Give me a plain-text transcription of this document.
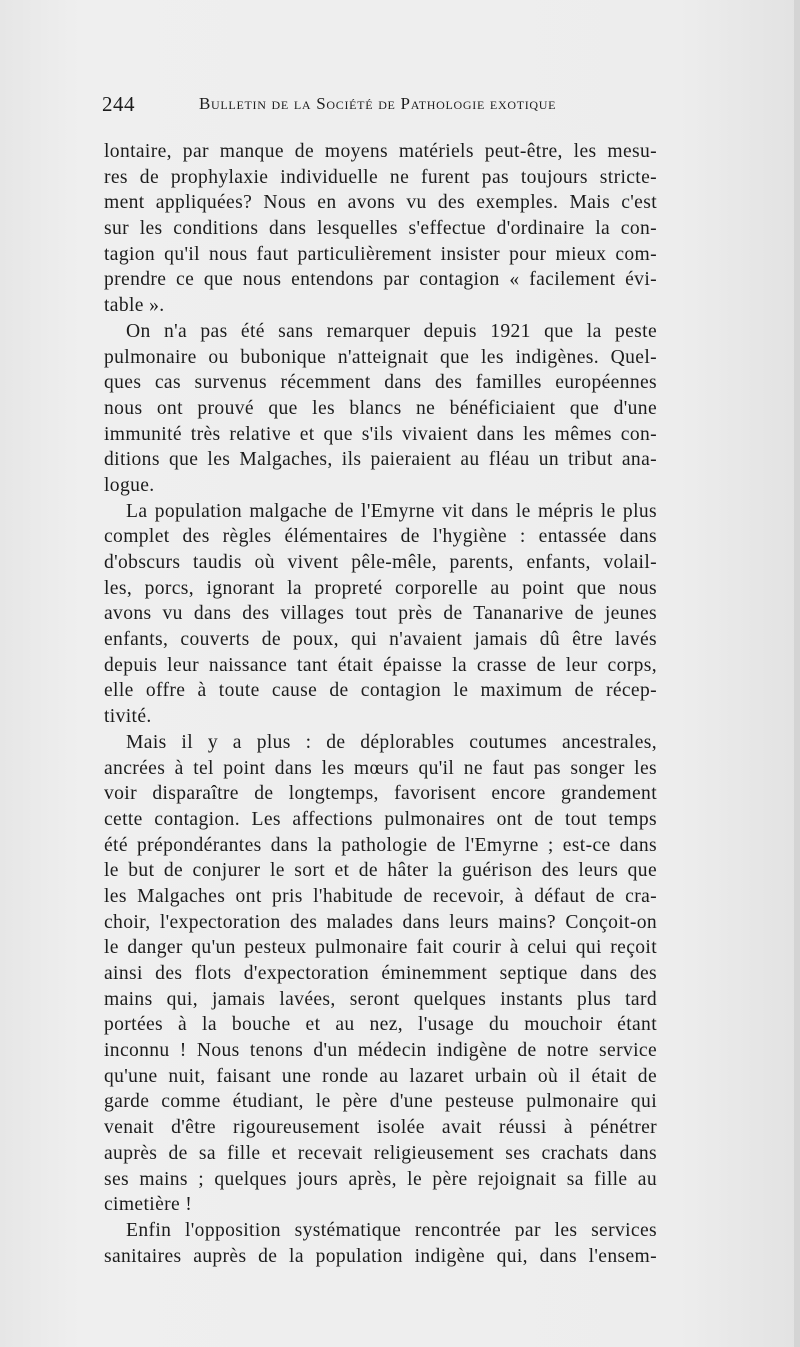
244	Bulletin de la Société de Pathologie exotique
lontaire, par manque de moyens matériels peut-être, les mesu-
res de prophylaxie individuelle ne furent pas toujours stricte-
ment appliquées? Nous en avons vu des exemples. Mais c'est
sur les conditions dans lesquelles s'effectue d'ordinaire la con-
tagion qu'il nous faut particulièrement insister pour mieux com-
prendre ce que nous entendons par contagion « facilement évi-
table ».
On n'a pas été sans remarquer depuis 1921 que la peste
pulmonaire ou bubonique n'atteignait que les indigènes. Quel-
ques cas survenus récemment dans des familles européennes
nous ont prouvé que les blancs ne bénéficiaient que d'une
immunité très relative et que s'ils vivaient dans les mêmes con-
ditions que les Malgaches, ils paieraient au fléau un tribut ana-
logue.
La population malgache de l'Emyrne vit dans le mépris le plus
complet des règles élémentaires de l'hygiène : entassée dans
d'obscurs taudis où vivent pêle-mêle, parents, enfants, volail-
les, porcs, ignorant la propreté corporelle au point que nous
avons vu dans des villages tout près de Tananarive de jeunes
enfants, couverts de poux, qui n'avaient jamais dû être lavés
depuis leur naissance tant était épaisse la crasse de leur corps,
elle offre à toute cause de contagion le maximum de récep-
tivité.
Mais il y a plus : de déplorables coutumes ancestrales,
ancrées à tel point dans les mœurs qu'il ne faut pas songer les
voir disparaître de longtemps, favorisent encore grandement
cette contagion. Les affections pulmonaires ont de tout temps
été prépondérantes dans la pathologie de l'Emyrne ; est-ce dans
le but de conjurer le sort et de hâter la guérison des leurs que
les Malgaches ont pris l'habitude de recevoir, à défaut de cra-
choir, l'expectoration des malades dans leurs mains? Conçoit-on
le danger qu'un pesteux pulmonaire fait courir à celui qui reçoit
ainsi des flots d'expectoration éminemment septique dans des
mains qui, jamais lavées, seront quelques instants plus tard
portées à la bouche et au nez, l'usage du mouchoir étant
inconnu ! Nous tenons d'un médecin indigène de notre service
qu'une nuit, faisant une ronde au lazaret urbain où il était de
garde comme étudiant, le père d'une pesteuse pulmonaire qui
venait d'être rigoureusement isolée avait réussi à pénétrer
auprès de sa fille et recevait religieusement ses crachats dans
ses mains ; quelques jours après, le père rejoignait sa fille au
cimetière !
Enfin l'opposition systématique rencontrée par les services
sanitaires auprès de la population indigène qui, dans l'ensem-
